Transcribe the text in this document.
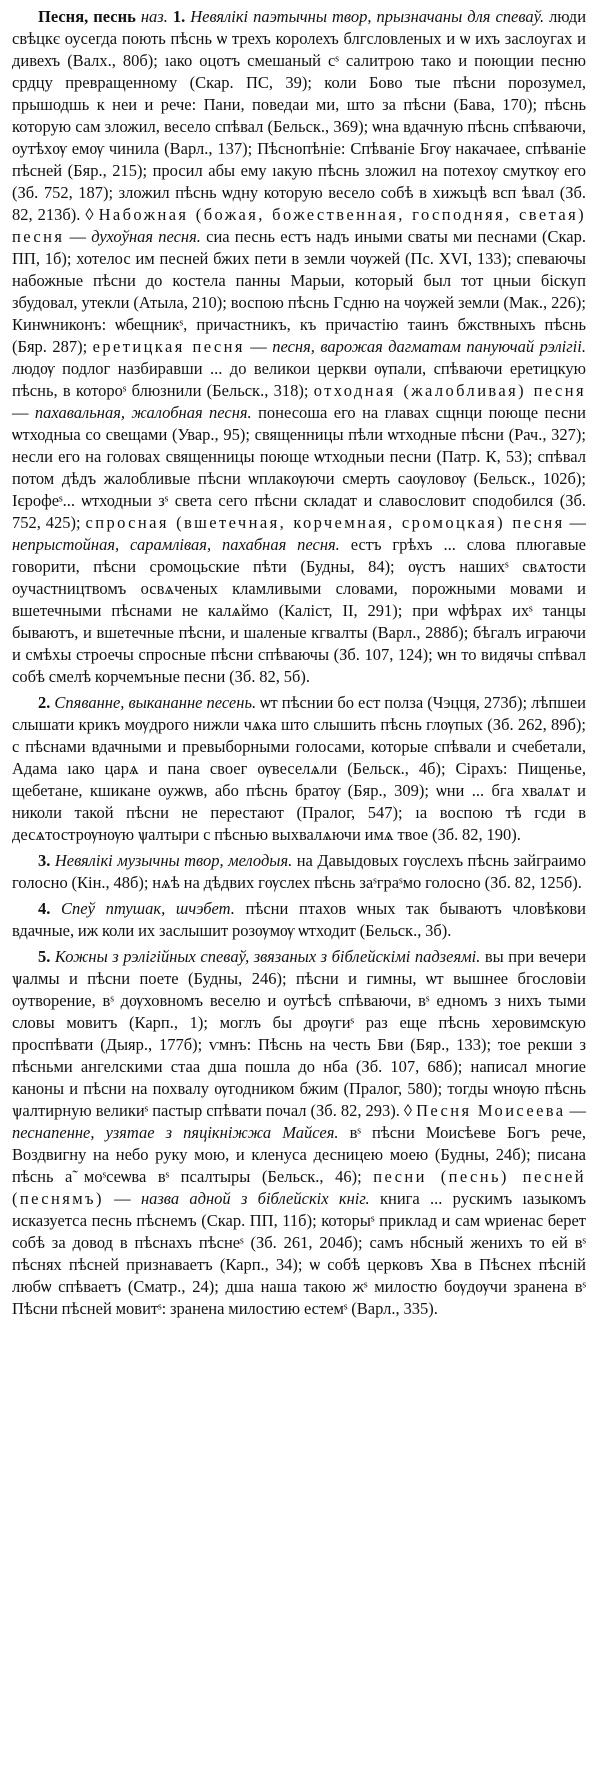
Песня, песнь наз. 1. Невялікі паэтычны твор, прызначаны для спеваў. люди свѣцкє оусегда поють пѣснь ѡ трехъ королехъ блгсловленых и ѡ ихъ заслоугах и дивехъ (Валх., 80б); ıако оцотъ смешаный сˢ салитрою тако и поющии песню срдцу превращенному (Скар. ПС, 39); коли Бово тые пѣсни порозумел, прышодшь к неи и рече: Пани, поведаи ми, што за пѣсни (Бава, 170); пѣснь которую сам зложил, весело спѣвал (Бельск., 369); ѡна вдачную пѣснь спѣваючи, оутѣхѹ емѹ чинила (Варл., 137); Пѣснопѣніе: Спѣваніе Бгѹ накачаее, спѣваніе пѣсней (Бяр., 215); просил абы ему ıакую пѣснь зложил на потехѹ смуткѹ его (Зб. 752, 187); зложил пѣснь ѡдну которую весело собѣ в хижъцѣ всп ѣвал (Зб. 82, 213б). ◊ Набожная (божая, божественная, господняя, светая) песня — духоўная песня. сиа песнь естъ надъ иными сваты ми песнами (Скар. ПП, 1б); хотелос им песней бжих пети в земли чѹжей (Пс. XVI, 133); спеваючы набожные пѣсни до костела панны Марыи, который был тот цныи біскуп збудовал, утекли (Атыла, 210); воспою пѣснь Гсдню на чѹжей земли (Мак., 226); Кинѡниконъ: ѡбещникˢ, причастникъ, къ причастію таинъ бжcтвныхъ пѣснь (Бяр. 287); еретицкая песня — песня, варожая дагматам пануючай рэлігіі. людѹ подлог назбиравши ... до великои церкви ѹпали, спѣваючи еретицкую пѣснь, в которoˢ блюзнили (Бельск., 318); отходная (жалобливая) песня — пахавальная, жалобная песня. понесоша его на главах сщнци поюще песни ѡтходныа со свещами (Увар., 95); священницы пѣли ѡтходные пѣсни (Рач., 327); несли его на головах священницы поюще ѡтходныи песни (Патр. К, 53); спѣвал потом дѣдъ жалобливые пѣсни ѡплакѹючи смерть саѹловѹ (Бельск., 102б); Ієрофеˢ... ѡтходныи зˢ света сего пѣсни складат и славословит сподобился (Зб. 752, 425); спросная (вшетечная, корчемная, сромоцкая) песня — непрыстойная, сарамлівая, пахабная песня. естъ грѣхъ ... слова плюгавые говорити, пѣсни сромоцьские пѣти (Будны, 84); ѹстъ нашихˢ свѧтости оучастництвомъ освѧченых кламливыми словами, порожными мовами и вшетечными пѣснами не калѧймо (Каліст, II, 291); при ѡфѣрах ихˢ танцы бываютъ, и вшетечные пѣсни, и шаленые кгвалты (Варл., 288б); бѣгалъ играючи и смѣхы строечы спросные пѣсни спѣваючы (Зб. 107, 124); ѡн то видячы спѣвал собѣ смелѣ корчемъные песни (Зб. 82, 5б).

2. Спяванне, выкананне песень. ѡт пѣснии бо ест полза (Чэцця, 273б); лѣпшеи слышати крикъ мѹдрого нижли чѧка што слышить пѣснь глѹпых (Зб. 262, 89б); с пѣснами вдачными и превыборными голосами, которые спѣвали и счебетали, Адама ıако царѧ и пана своег ѹвеселѧли (Бельск., 4б); Сірахъ: Пищенье, щебетанe, кшиканe оужѡв, або пѣснь братѹ (Бяр., 309); ѡни ... бга хвалѧт и николи такой пѣсни не перестают (Пралог, 547); ıа воспою тѣ гсди в десѧтострѹнѹю ѱалтыри с пѣснью выхвалѧючи имѧ твое (Зб. 82, 190).

3. Невялікі музычны твор, мелодыя. на Давыдовых гѹслехъ пѣснь зайграимо голосно (Кін., 48б); нѧѣ на дѣдвих гѹслех пѣснь заˢграˢмо голосно (Зб. 82, 125б).

4. Спеў птушак, шчэбет. пѣсни птахов ѡных так бываютъ чловѣкови вдачные, иж коли их заслышит розѹмѹ ѡтходит (Бельск., 3б).

5. Кожны з рэлігійных спеваў, звязаных з біблейскімі падзеямі. вы при вечери ѱалмы и пѣсни поете (Будны, 246); пѣсни и гимны, ѡт вышнее бгословіи оутворение, вˢ дѹховномъ веселю и оутѣсѣ спѣваючи, вˢ едномъ з нихъ тыми словы мовитъ (Карп., 1); моглъ бы дрѹгиˢ раз еще пѣснь херовимскую проспѣвати (Дыяр., 177б); ѵмнъ: Пѣснь на честь Бви (Бяр., 133); тое рекши з пѣсньми ангелскими стаа дша пошла до нба (Зб. 107, 68б); написал многие каноны и пѣсни на похвалу ѹгодником бжим (Пралог, 580); тогды ѡнѹю пѣснь ѱалтирную великиˢ пастыр спѣвати почал (Зб. 82, 293). ◊ Песня Моисеева — песнапенне, узятае з пяцікніжжа Майсея. вˢ пѣсни Моисѣеве Богъ рече, Воздвигну на небо руку мою, и кленуса десницею моею (Будны, 24б); писана пѣснь а̃ моˢсеѡва вˢ псалтыры (Бельск., 46); песни (песнь) песней (песнямъ) — назва адной з біблейскіх кніг. книга ... рускимъ ıазыкомъ исказуетса песнь пѣснемъ (Скар. ПП, 11б); которыˢ приклад и сам ѡриенас берет собѣ за довод в пѣснахъ пѣснеˢ (Зб. 261, 204б); самъ нбсный женихъ то ей вˢ пѣснях пѣсней признаваетъ (Карп., 34); ѡ собѣ церковъ Хва в Пѣснех пѣсній любѡ спѣваетъ (Сматр., 24); дша нашa такою жˢ милостю бѹдѹчи зранена вˢ Пѣсни пѣсней мовитˢ: зранена милостию естемˢ (Варл., 335).
